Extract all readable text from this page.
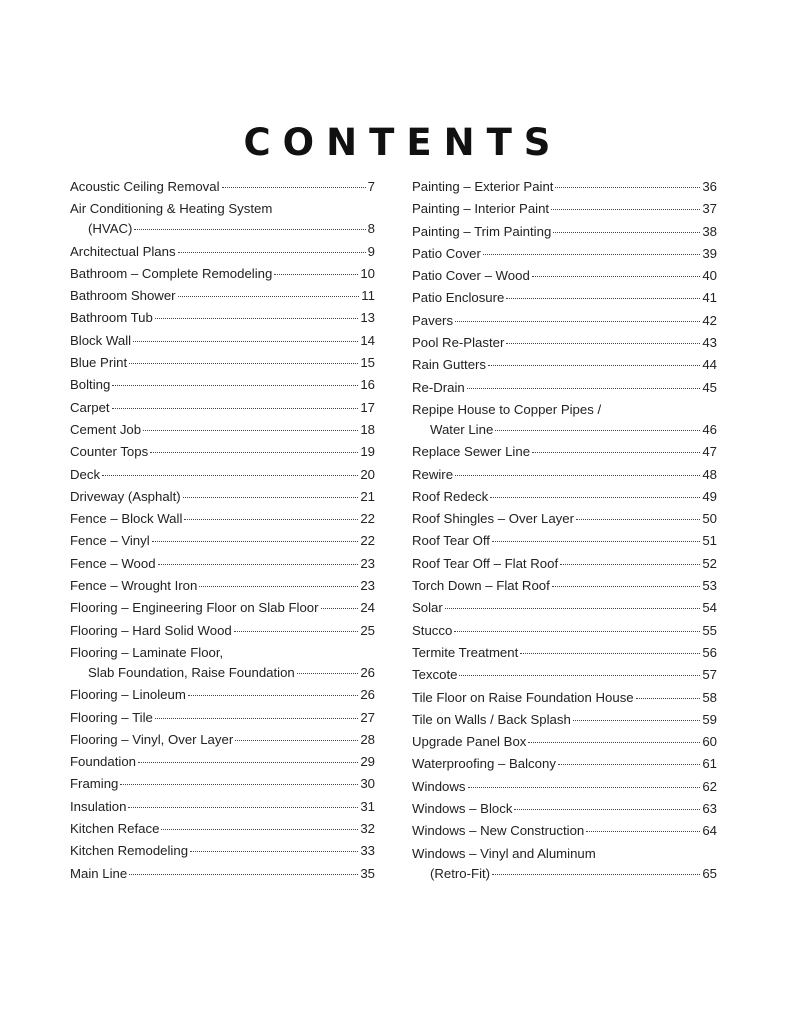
CONTENTS
Acoustic Ceiling Removal	7
Air Conditioning & Heating System
(HVAC)	8
Architectual Plans	9
Bathroom – Complete Remodeling	10
Bathroom Shower	11
Bathroom Tub	13
Block Wall	14
Blue Print	15
Bolting	16
Carpet	17
Cement Job	18
Counter Tops	19
Deck	20
Driveway (Asphalt)	21
Fence – Block Wall	22
Fence – Vinyl	22
Fence – Wood	23
Fence – Wrought Iron	23
Flooring – Engineering Floor on Slab Floor	24
Flooring – Hard Solid Wood	25
Flooring – Laminate Floor,
Slab Foundation, Raise Foundation	26
Flooring – Linoleum	26
Flooring – Tile	27
Flooring – Vinyl, Over Layer	28
Foundation	29
Framing	30
Insulation	31
Kitchen Reface	32
Kitchen Remodeling	33
Main Line	35
Painting – Exterior Paint	36
Painting – Interior Paint	37
Painting – Trim Painting	38
Patio Cover	39
Patio Cover – Wood	40
Patio Enclosure	41
Pavers	42
Pool Re-Plaster	43
Rain Gutters	44
Re-Drain	45
Repipe House to Copper Pipes /
Water Line	46
Replace Sewer Line	47
Rewire	48
Roof Redeck	49
Roof Shingles – Over Layer	50
Roof Tear Off	51
Roof Tear Off – Flat Roof	52
Torch Down – Flat Roof	53
Solar	54
Stucco	55
Termite Treatment	56
Texcote	57
Tile Floor on Raise Foundation House	58
Tile on Walls / Back Splash	59
Upgrade Panel Box	60
Waterproofing – Balcony	61
Windows	62
Windows – Block	63
Windows – New Construction	64
Windows – Vinyl and Aluminum
(Retro-Fit)	65
